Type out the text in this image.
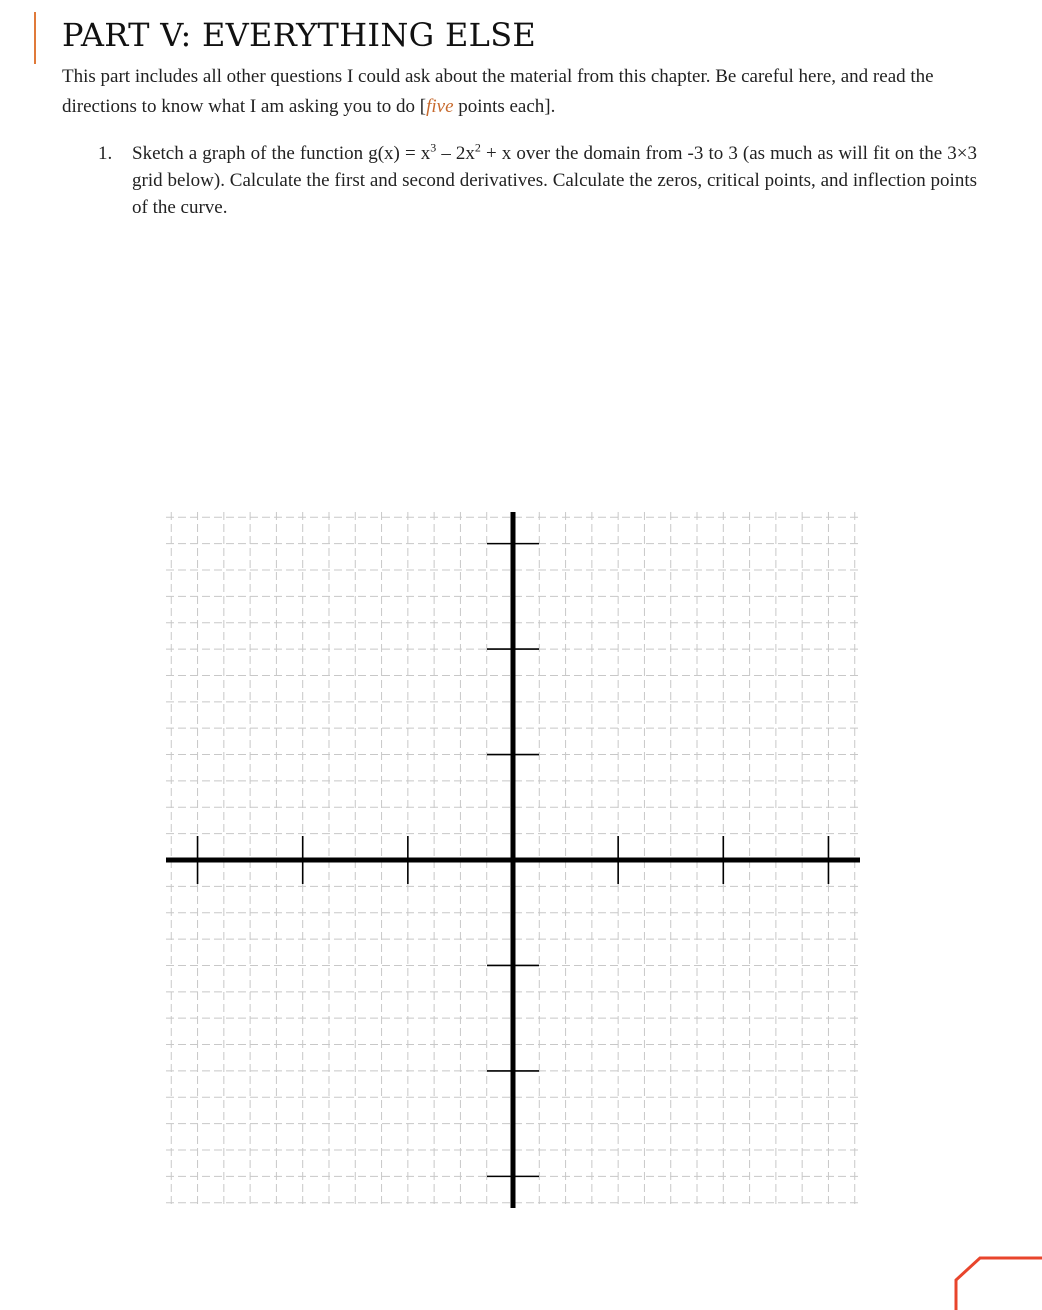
PART V: EVERYTHING ELSE

This part includes all other questions I could ask about the material from this chapter. Be careful here, and read the directions to know what I am asking you to do [five points each].

1. Sketch a graph of the function $g(x) = x^3 - 2x^2 + x$ over the domain from -3 to 3 (as much as will fit on the 3×3 grid below). Calculate the first and second derivatives. Calculate the zeros, critical points, and inflection points of the curve.
